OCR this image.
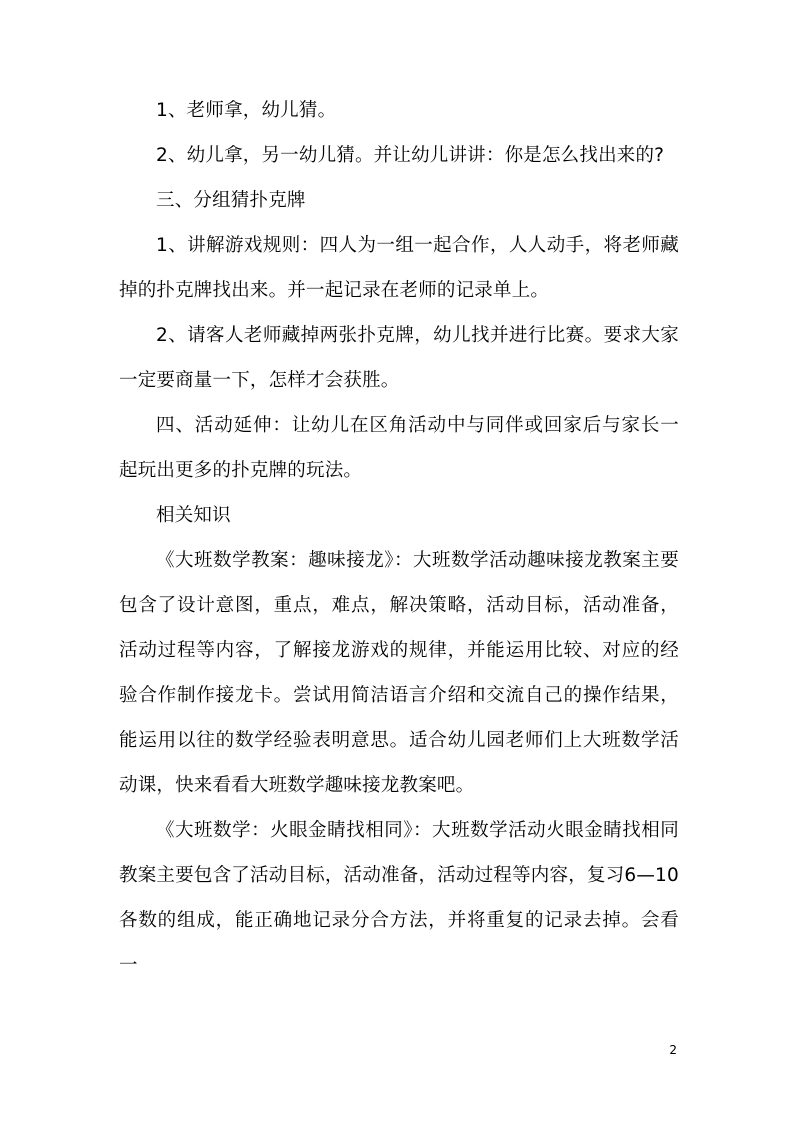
1、老师拿，幼儿猜。

2、幼儿拿，另一幼儿猜。并让幼儿讲讲：你是怎么找出来的?

三、分组猜扑克牌

1、讲解游戏规则：四人为一组一起合作，人人动手，将老师藏掉的扑克牌找出来。并一起记录在老师的记录单上。

2、请客人老师藏掉两张扑克牌，幼儿找并进行比赛。要求大家一定要商量一下，怎样才会获胜。

四、活动延伸：让幼儿在区角活动中与同伴或回家后与家长一起玩出更多的扑克牌的玩法。

相关知识

《大班数学教案：趣味接龙》：大班数学活动趣味接龙教案主要包含了设计意图，重点，难点，解决策略，活动目标，活动准备，活动过程等内容，了解接龙游戏的规律，并能运用比较、对应的经验合作制作接龙卡。尝试用简洁语言介绍和交流自己的操作结果，能运用以往的数学经验表明意思。适合幼儿园老师们上大班数学活动课，快来看看大班数学趣味接龙教案吧。

《大班数学：火眼金睛找相同》：大班数学活动火眼金睛找相同教案主要包含了活动目标，活动准备，活动过程等内容，复习6—10各数的组成，能正确地记录分合方法，并将重复的记录去掉。会看一

2
